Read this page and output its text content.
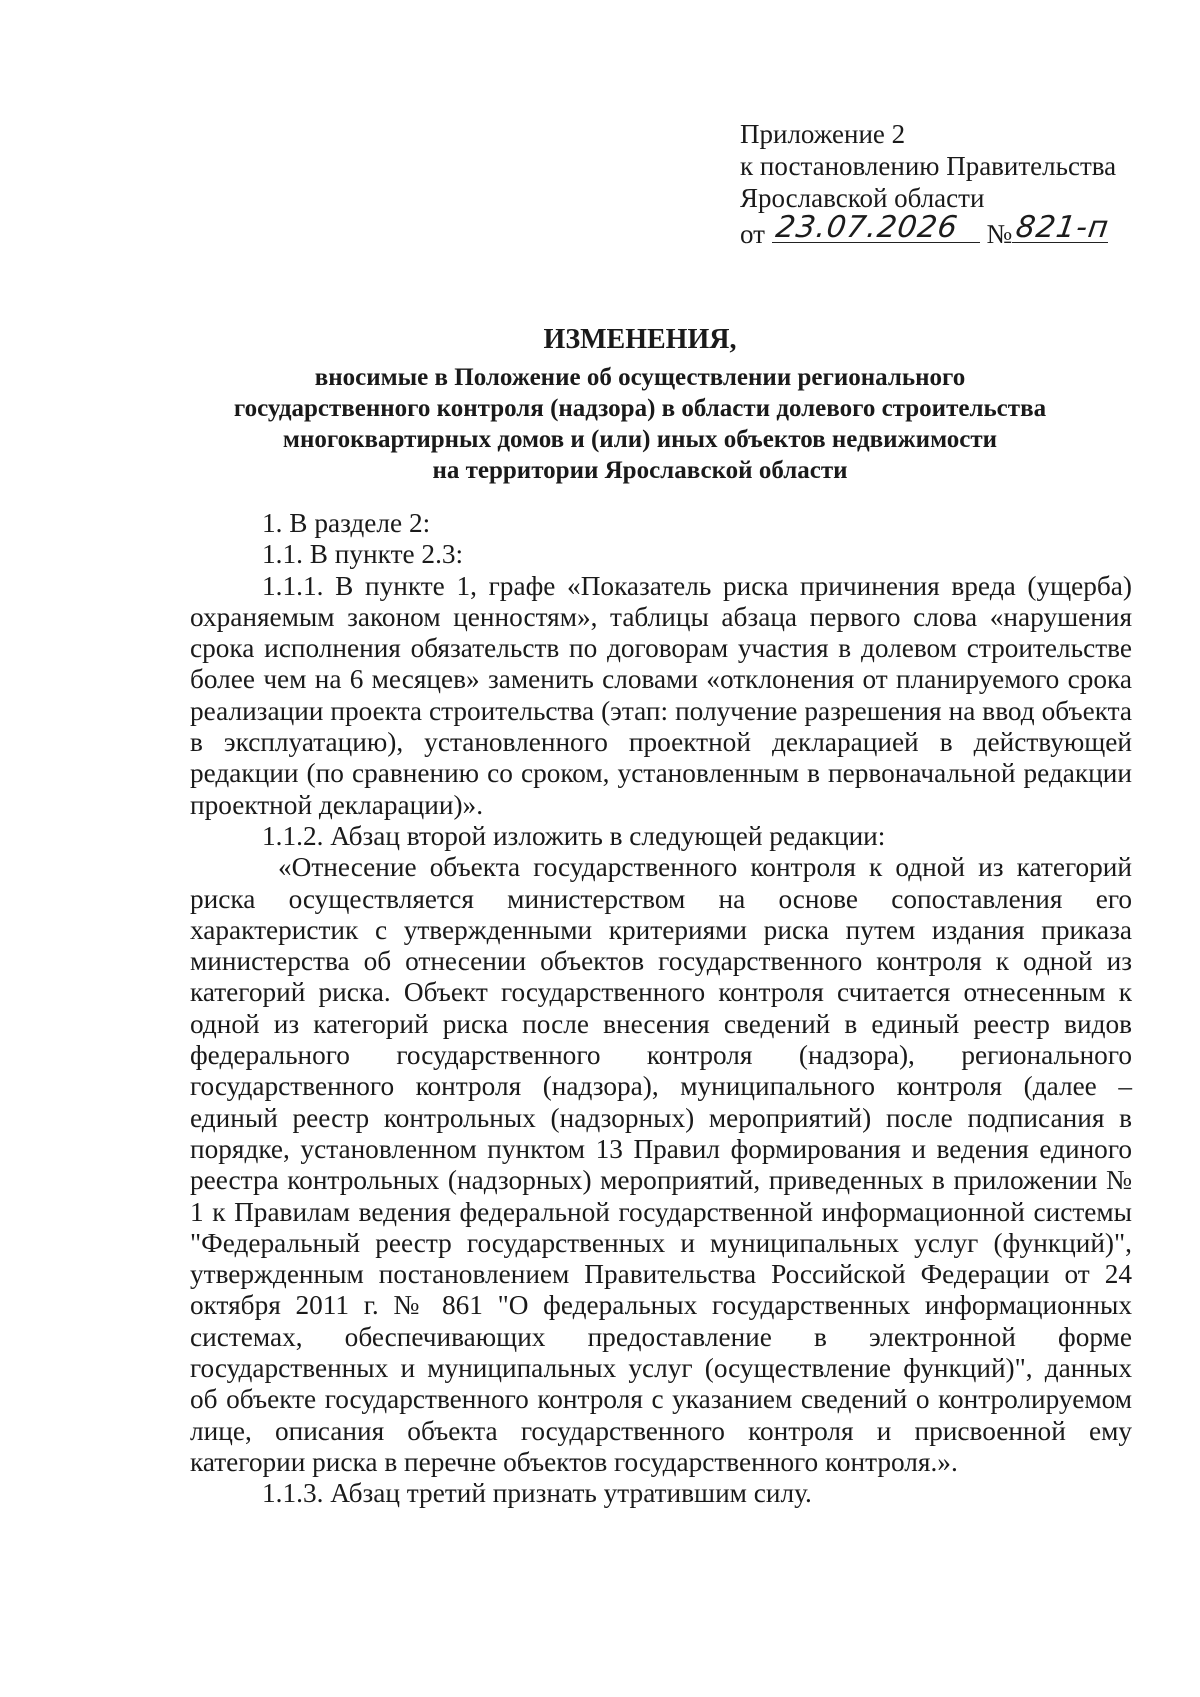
Приложение 2
к постановлению Правительства
Ярославской области
от 23.07.2026 № 821-п
ИЗМЕНЕНИЯ,
вносимые в Положение об осуществлении регионального
государственного контроля (надзора) в области долевого строительства
многоквартирных домов и (или) иных объектов недвижимости
на территории Ярославской области

1. В разделе 2:

1.1. В пункте 2.3:

1.1.1. В пункте 1, графе «Показатель риска причинения вреда (ущерба) охраняемым законом ценностям», таблицы абзаца первого слова «нарушения срока исполнения обязательств по договорам участия в долевом строительстве более чем на 6 месяцев» заменить словами «отклонения от планируемого срока реализации проекта строительства (этап: получение разрешения на ввод объекта в эксплуатацию), установленного проектной декларацией в действующей редакции (по сравнению со сроком, установленным в первоначальной редакции проектной декларации)».

1.1.2. Абзац второй изложить в следующей редакции:

«Отнесение объекта государственного контроля к одной из категорий риска осуществляется министерством на основе сопоставления его характеристик с утвержденными критериями риска путем издания приказа министерства об отнесении объектов государственного контроля к одной из категорий риска. Объект государственного контроля считается отнесенным к одной из категорий риска после внесения сведений в единый реестр видов федерального государственного контроля (надзора), регионального государственного контроля (надзора), муниципального контроля (далее – единый реестр контрольных (надзорных) мероприятий) после подписания в порядке, установленном пунктом 13 Правил формирования и ведения единого реестра контрольных (надзорных) мероприятий, приведенных в приложении № 1 к Правилам ведения федеральной государственной информационной системы "Федеральный реестр государственных и муниципальных услуг (функций)", утвержденным постановлением Правительства Российской Федерации от 24 октября 2011 г. № 861 "О федеральных государственных информационных системах, обеспечивающих предоставление в электронной форме государственных и муниципальных услуг (осуществление функций)", данных об объекте государственного контроля с указанием сведений о контролируемом лице, описания объекта государственного контроля и присвоенной ему категории риска в перечне объектов государственного контроля.».

1.1.3. Абзац третий признать утратившим силу.
